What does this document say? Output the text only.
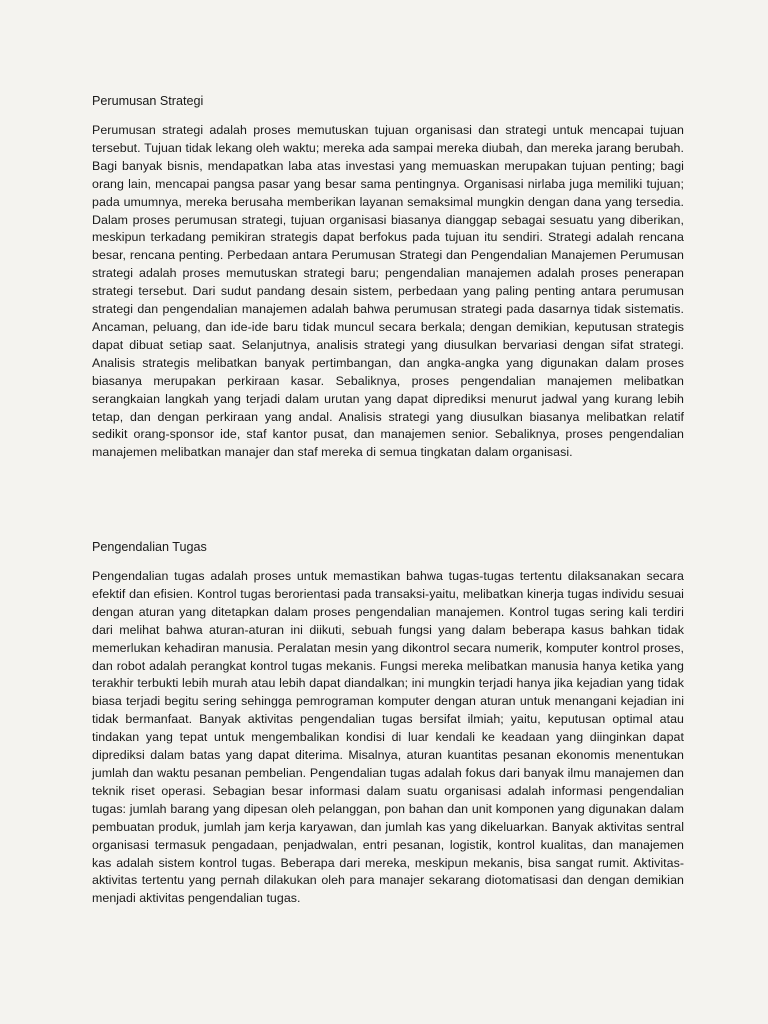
Perumusan Strategi

Perumusan strategi adalah proses memutuskan tujuan organisasi dan strategi untuk mencapai tujuan tersebut. Tujuan tidak lekang oleh waktu; mereka ada sampai mereka diubah, dan mereka jarang berubah. Bagi banyak bisnis, mendapatkan laba atas investasi yang memuaskan merupakan tujuan penting; bagi orang lain, mencapai pangsa pasar yang besar sama pentingnya. Organisasi nirlaba juga memiliki tujuan; pada umumnya, mereka berusaha memberikan layanan semaksimal mungkin dengan dana yang tersedia. Dalam proses perumusan strategi, tujuan organisasi biasanya dianggap sebagai sesuatu yang diberikan, meskipun terkadang pemikiran strategis dapat berfokus pada tujuan itu sendiri. Strategi adalah rencana besar, rencana penting. Perbedaan antara Perumusan Strategi dan Pengendalian Manajemen Perumusan strategi adalah proses memutuskan strategi baru; pengendalian manajemen adalah proses penerapan strategi tersebut. Dari sudut pandang desain sistem, perbedaan yang paling penting antara perumusan strategi dan pengendalian manajemen adalah bahwa perumusan strategi pada dasarnya tidak sistematis. Ancaman, peluang, dan ide-ide baru tidak muncul secara berkala; dengan demikian, keputusan strategis dapat dibuat setiap saat. Selanjutnya, analisis strategi yang diusulkan bervariasi dengan sifat strategi. Analisis strategis melibatkan banyak pertimbangan, dan angka-angka yang digunakan dalam proses biasanya merupakan perkiraan kasar. Sebaliknya, proses pengendalian manajemen melibatkan serangkaian langkah yang terjadi dalam urutan yang dapat diprediksi menurut jadwal yang kurang lebih tetap, dan dengan perkiraan yang andal. Analisis strategi yang diusulkan biasanya melibatkan relatif sedikit orang-sponsor ide, staf kantor pusat, dan manajemen senior. Sebaliknya, proses pengendalian manajemen melibatkan manajer dan staf mereka di semua tingkatan dalam organisasi.

Pengendalian Tugas

Pengendalian tugas adalah proses untuk memastikan bahwa tugas-tugas tertentu dilaksanakan secara efektif dan efisien. Kontrol tugas berorientasi pada transaksi-yaitu, melibatkan kinerja tugas individu sesuai dengan aturan yang ditetapkan dalam proses pengendalian manajemen. Kontrol tugas sering kali terdiri dari melihat bahwa aturan-aturan ini diikuti, sebuah fungsi yang dalam beberapa kasus bahkan tidak memerlukan kehadiran manusia. Peralatan mesin yang dikontrol secara numerik, komputer kontrol proses, dan robot adalah perangkat kontrol tugas mekanis. Fungsi mereka melibatkan manusia hanya ketika yang terakhir terbukti lebih murah atau lebih dapat diandalkan; ini mungkin terjadi hanya jika kejadian yang tidak biasa terjadi begitu sering sehingga pemrograman komputer dengan aturan untuk menangani kejadian ini tidak bermanfaat. Banyak aktivitas pengendalian tugas bersifat ilmiah; yaitu, keputusan optimal atau tindakan yang tepat untuk mengembalikan kondisi di luar kendali ke keadaan yang diinginkan dapat diprediksi dalam batas yang dapat diterima. Misalnya, aturan kuantitas pesanan ekonomis menentukan jumlah dan waktu pesanan pembelian. Pengendalian tugas adalah fokus dari banyak ilmu manajemen dan teknik riset operasi. Sebagian besar informasi dalam suatu organisasi adalah informasi pengendalian tugas: jumlah barang yang dipesan oleh pelanggan, pon bahan dan unit komponen yang digunakan dalam pembuatan produk, jumlah jam kerja karyawan, dan jumlah kas yang dikeluarkan. Banyak aktivitas sentral organisasi termasuk pengadaan, penjadwalan, entri pesanan, logistik, kontrol kualitas, dan manajemen kas adalah sistem kontrol tugas. Beberapa dari mereka, meskipun mekanis, bisa sangat rumit. Aktivitas-aktivitas tertentu yang pernah dilakukan oleh para manajer sekarang diotomatisasi dan dengan demikian menjadi aktivitas pengendalian tugas.
